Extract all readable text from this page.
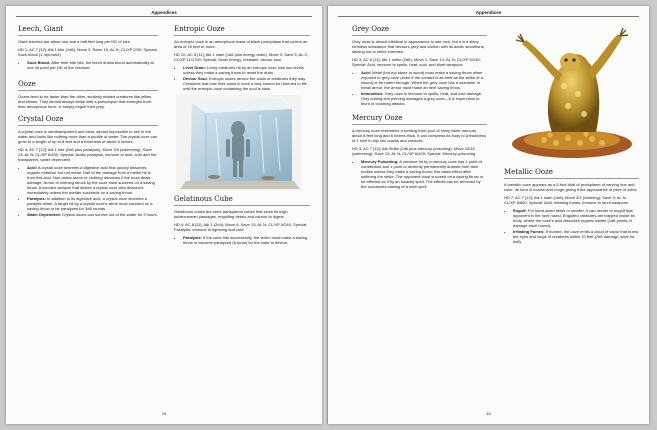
Appendices
Leech, Giant

Giant leeches are about one and a half feet long per HD of size.

HD 1; AC 7 [12]; Atk 1 bite (1d6); Move 3, Swim 15; AL N; CL/XP 2/30; Special: Suck blood (1 hp/round)

• Suck Blood: After their bite hits, the leech drains blood automatically at one hit point per HD of the creature.
Ooze

Oozes tend to be faster than the other, similarly related creatures like jellies and slimes. They almost always strike with a pseudopod that emerges from their amorphous form, or simply engulf their prey.

Crystal Ooze

A crystal ooze is semitransparent and clear, almost impossible to see in the water and looks like nothing more than a puddle of water. The crystal ooze can grow to a length of up to 8 feet and a thickness of about 6 inches.

HD 4; AC 7 [12]; Atk 1 bite (2d6 plus paralysis); Move 3/9 (swimming); Save 13; AL N; CL/XP 6/400; Special: Acidic paralysis, immune to acid, cold and fire, transparent, water dependent

• Acid: A crystal ooze secretes a digestive acid that quickly dissolves organic material, but not metal. Half of the damage from a melee hit is from this acid. Non-metal armor or clothing dissolves if the ooze deals damage. Armor or clothing struck by the ooze must succeed on a saving throw. A wooden weapon that strikes a crystal ooze also dissolves immediately unless the wielder succeeds on a saving throw.
• Paralysis: In addition to its digestive acid, a crystal ooze secretes a paralytic slime. A target hit by a crystal ooze's slime must succeed on a saving throw or be paralyzed for 3d6 rounds.
• Water Dependent: Crystal oozes can survive out of the water for 3 hours.
Entropic Ooze

An entropic ooze is an amorphous mass of black protoplasm that covers an area of 10 feet or more.

HD 10; AC 8 [11]; Atk 1 slam (1d6 plus energy drain); Move 3; Save 5; AL C; CL/XP 11/1700; Special: Drain energy, resistant, devour soul

• Level Drain: Living creatures hit by an entropic ooze lose two levels unless they make a saving throw to resist the drain.
• Devour Soul: Entropic oozes devour the souls of creatures they slay. Creatures that lose their souls in such a way cannot be returned to life until the entropic ooze containing the soul is slain.
Gelatinous Cube

Gelatinous cubes are semi-transparent cubes that slosh through subterranean passages, engulfing debris and carrion to digest.

HD 4; AC 8 [11]; Atk 1 (2d4); Move 6; Save 13; AL N; CL/XP 5/240; Special: Paralysis, immune to lightning and cold

• Paralysis: If the cube hits successfully, the victim must make a saving throw or become paralyzed (6 turns) for the cube to devour.
16
Appendices
Grey Ooze

Grey ooze is almost identical in appearance to wet rock, but it is a slimy, formless substance that devours prey and carrion with its acidic secretions, lashing out to strike enemies.

HD 3; AC 8 [11]; Atk 1 strike (2d6); Move 1; Save 14; AL N; CL/XP 5/240; Special: Acid, immune to spells, heat, cold, and blunt weapons

• Acid: Metal (but not stone or wood) must make a saving throw when exposed to grey ooze (even if the contact is as brief as the strike of a sword) or be rotted through. When the grey ooze hits a character in metal armor, the armor must make an item saving throw.
• Immunities: Grey ooze is immune to spells, heat, and cold damage. Only cutting and piercing damages a grey ooze—it is impervious to blunt or crushing attacks.
Mercury Ooze

A mercury ooze resembles a swirling thick pool of shiny white mercury about 8 feet long and 6 inches thick. It can compress its body to a thickness of 1 inch to slip into cracks and crevices.

HD 3; AC 7 [12]; Atk Strike (2d6 plus mercury poisoning); Move 10/15 (swimming); Save 13; AL N; CL/XP 6/400; Special: Mercury poisoning

• Mercury Poisoning: A creature hit by a mercury ooze has 1 point of constitution and 1 point of dexterity permanently drained from their bodies unless they make a saving throw; this takes effect after suffering the strike. The opponent must succeed on a saving throw or be afflicted as if by an insanity spell. The effects can be removed by the successful casting of a wish spell.
Metallic Ooze

A metallic ooze appears as a 9-foot blob of protoplasm of varying hue and color. Its form is coarse and rough giving it the appearance of piles of coins.

HD 7; AC 7 [12]; Atk 1 slam (1d8); Move 3/3 (climbing); Save 9; AL N; CL/XP 8/800; Special: Acid, irritating fumes, immune to blunt weapons

• Engulf: For hand-sized items or smaller, it can decide to engulf that opponent in the next round. Engulfed creatures are trapped inside its body, where the ooze's acid dissolves organic matter (1d6 points of damage each round).
• Irritating Fumes: If burned, the ooze emits a cloud of vapor that burns the eyes and lungs of creatures within 10 feet (2d6 damage, save for half).
16
